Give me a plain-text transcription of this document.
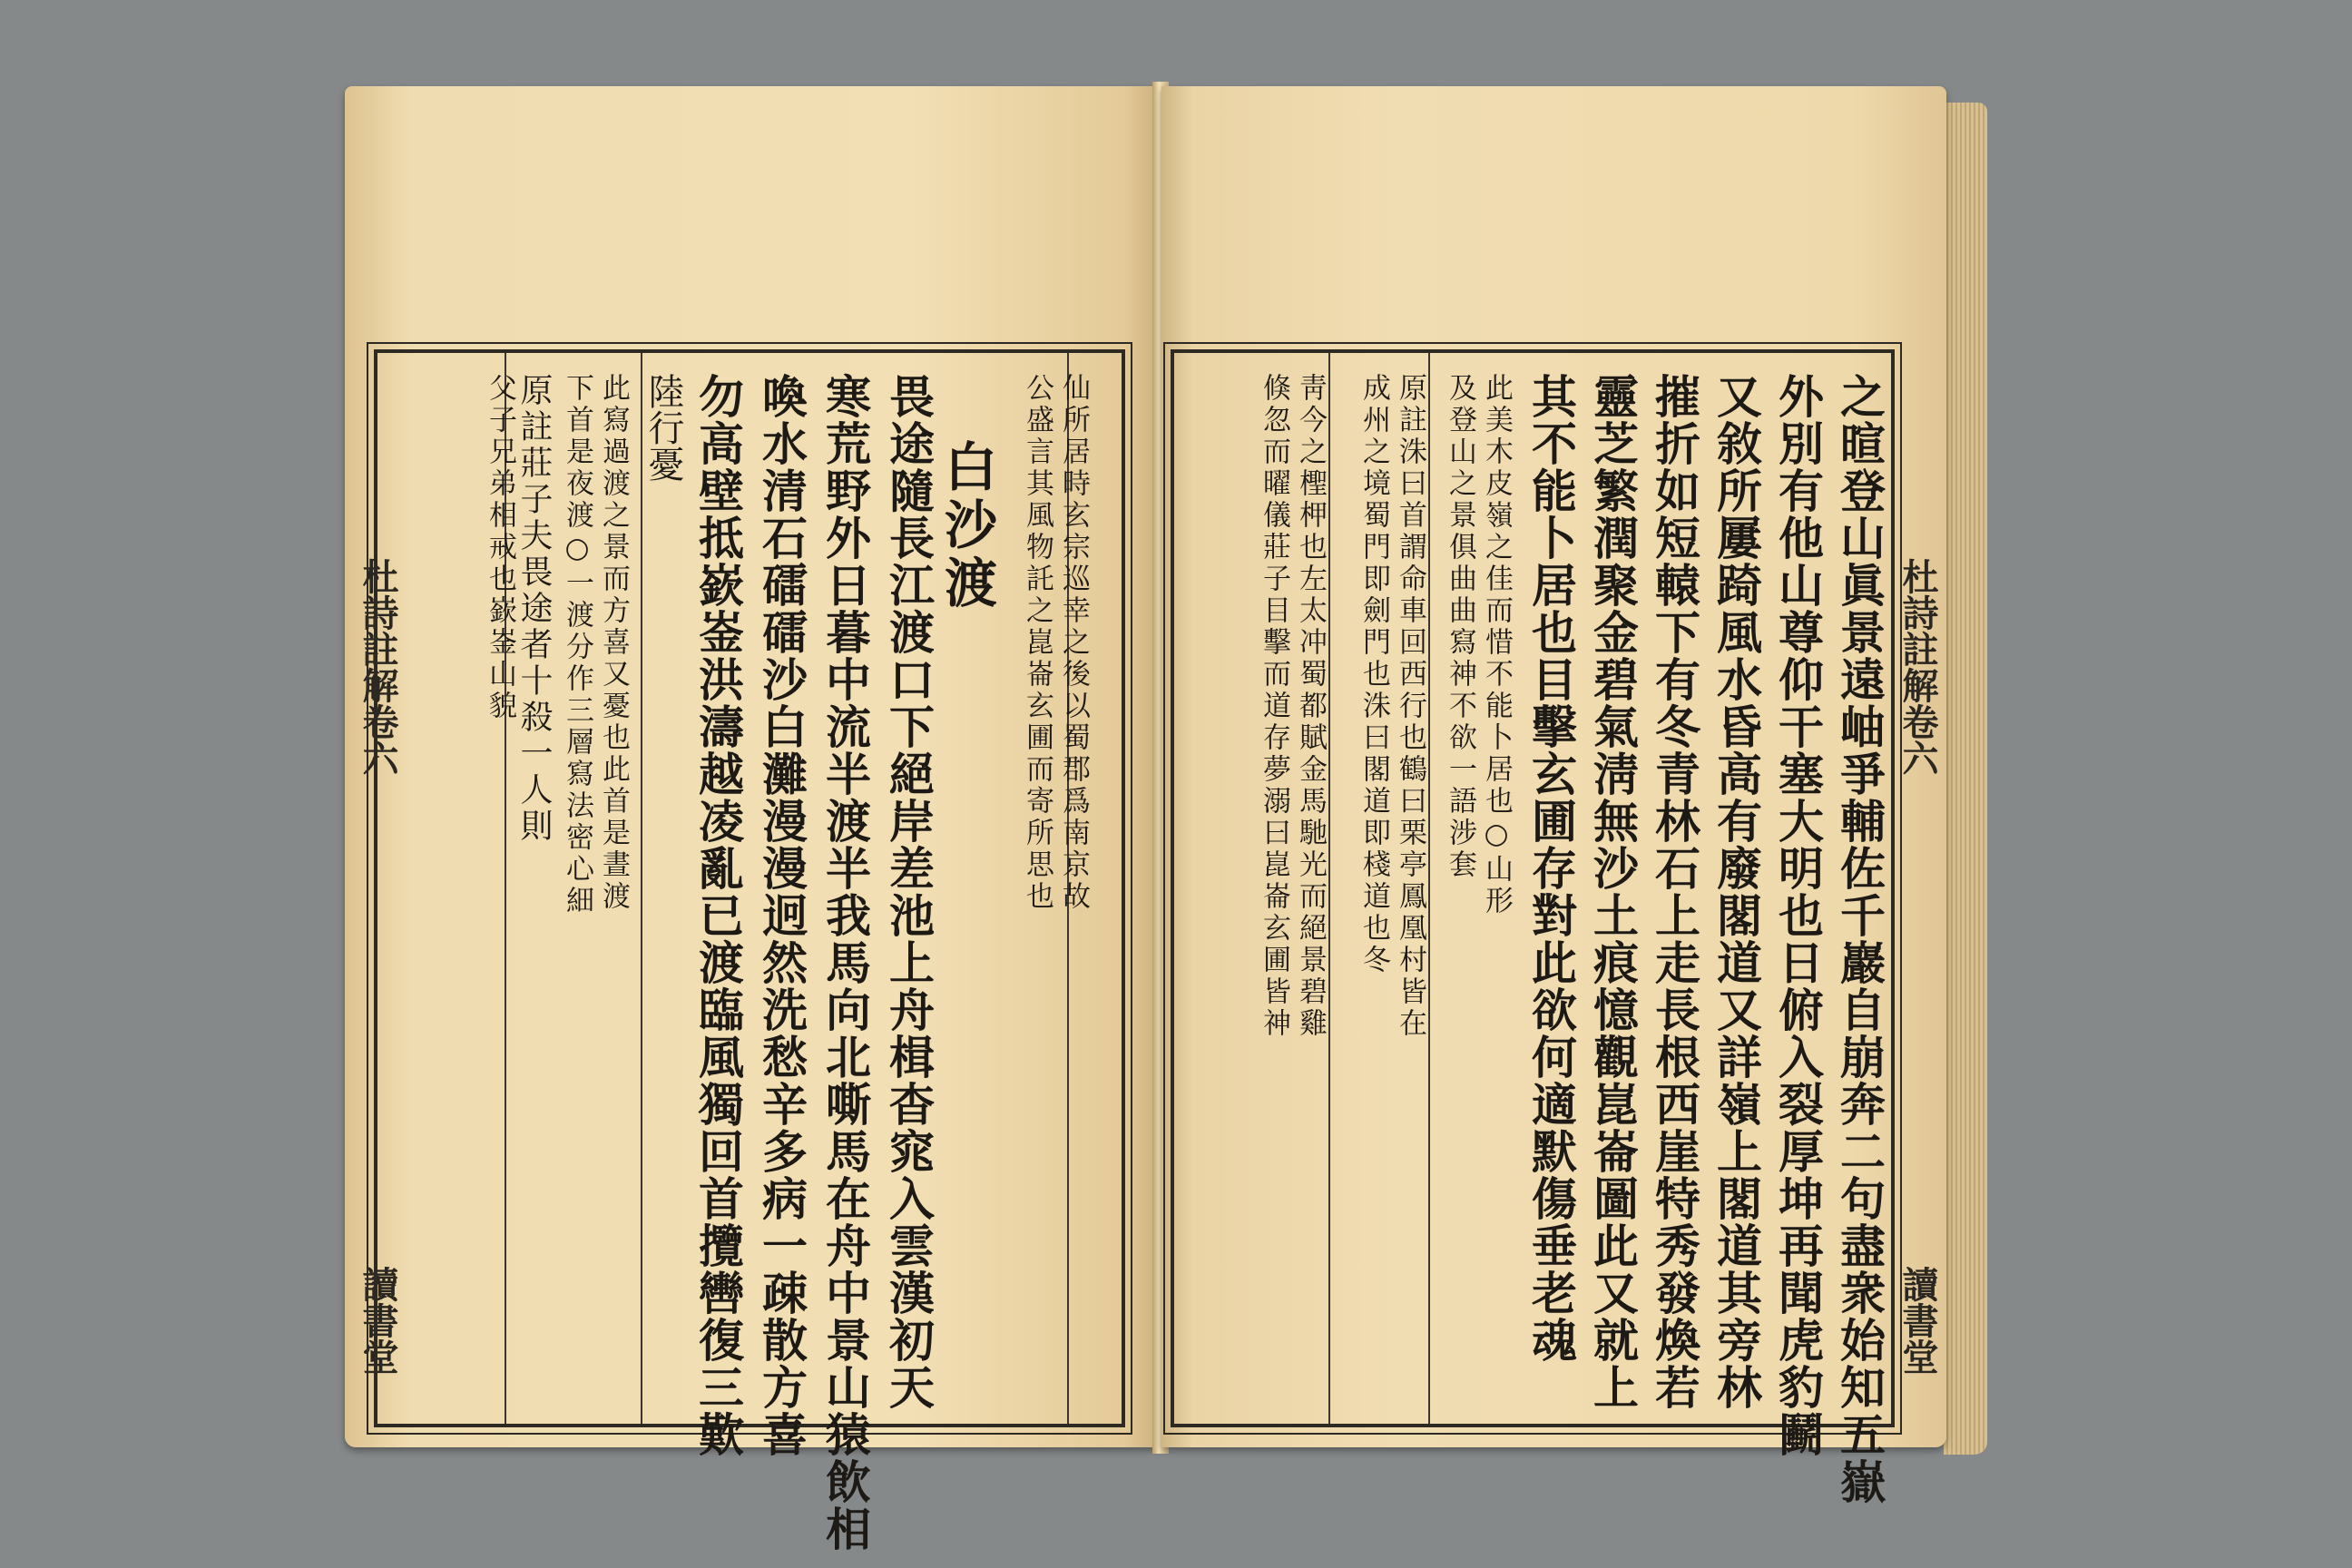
杜詩註解卷六
讀書堂
仙所居時玄宗巡幸之後以蜀郡爲南京故
公盛言其風物託之崑崙玄圃而寄所思也
白沙渡
畏途隨長江渡口下絕岸差池上舟楫杳窕入雲漢初天
寒荒野外日暮中流半渡半我馬向北嘶馬在舟中景山猿飲相
喚水清石礌礌沙白灘漫漫迥然洗愁辛多病一疎散方喜
勿高壁抵嶔崟洪濤越凌亂已渡臨風獨回首攬轡復三歎
陸行憂
此寫過渡之景而方喜又憂也此首是晝渡
下首是夜渡○一渡分作三層寫法密心細
原註莊子夫畏途者十殺一人則
父子兄弟相戒也嶔崟山貌	杜詩註解卷六
讀書堂
之暄登山眞景遠岫爭輔佐千巖自崩奔二句盡衆始知五嶽
外別有他山尊仰干塞大明也日俯入裂厚坤再聞虎豹鬬
又敘所屢踦風水昏高有廢閣道又詳嶺上閣道其旁林
摧折如短轅下有冬青林石上走長根西崖特秀發煥若
靈芝繁潤聚金碧氣淸無沙土痕憶觀崑崙圖此又就上
其不能卜居也目擊玄圃存對此欲何適默傷垂老魂
此美木皮嶺之佳而惜不能卜居也○山形
及登山之景俱曲曲寫神不欲一語涉套
原註洙曰首謂命車回西行也鶴曰栗亭鳳凰村皆在
成州之境蜀門即劍門也洙曰閣道即棧道也冬
靑今之檉柙也左太冲蜀都賦金馬馳光而絕景碧雞
倏忽而曜儀莊子目擊而道存夢溺曰崑崙玄圃皆神
